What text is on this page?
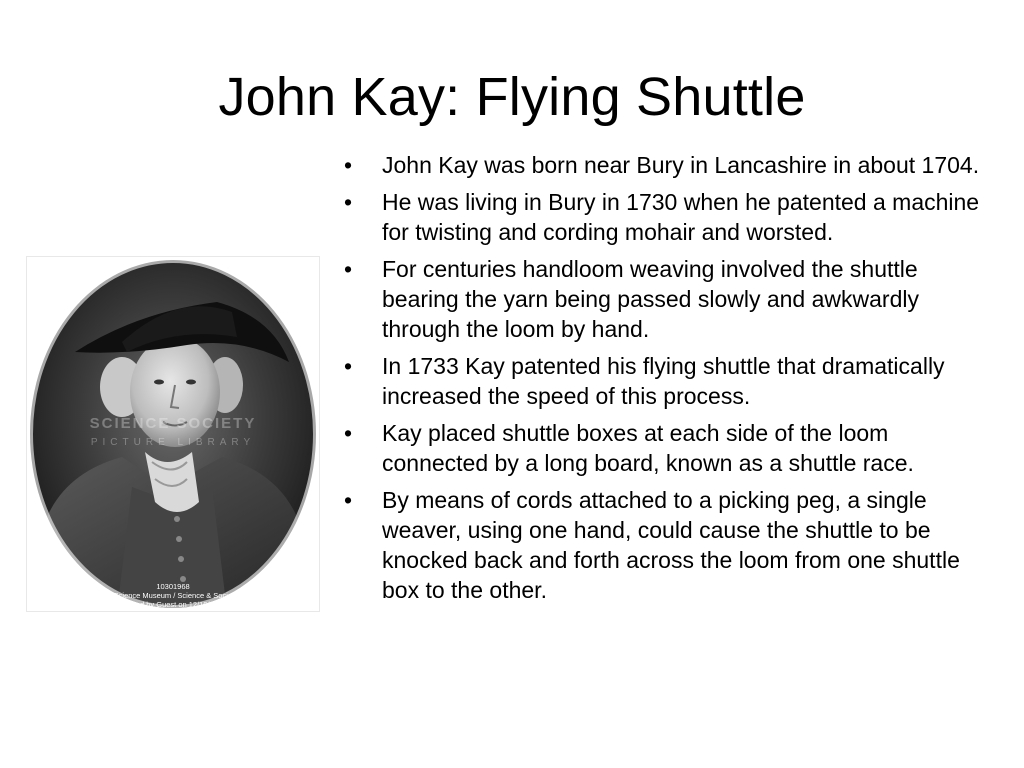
John Kay: Flying Shuttle
SCIENCE SOCIETY
PICTURE LIBRARY
10301968
©Science Museum / Science & Society
Viewed by Guest on 12/19/2007
• John Kay was born near Bury in Lancashire in about 1704.
• He was living in Bury in 1730 when he patented a machine for twisting and cording mohair and worsted.
• For centuries handloom weaving involved the shuttle bearing the yarn being passed slowly and awkwardly through the loom by hand.
• In 1733 Kay patented his flying shuttle that dramatically increased the speed of this process.
• Kay placed shuttle boxes at each side of the loom connected by a long board, known as a shuttle race.
• By means of cords attached to a picking peg, a single weaver, using one hand, could cause the shuttle to be knocked back and forth across the loom from one shuttle box to the other.
